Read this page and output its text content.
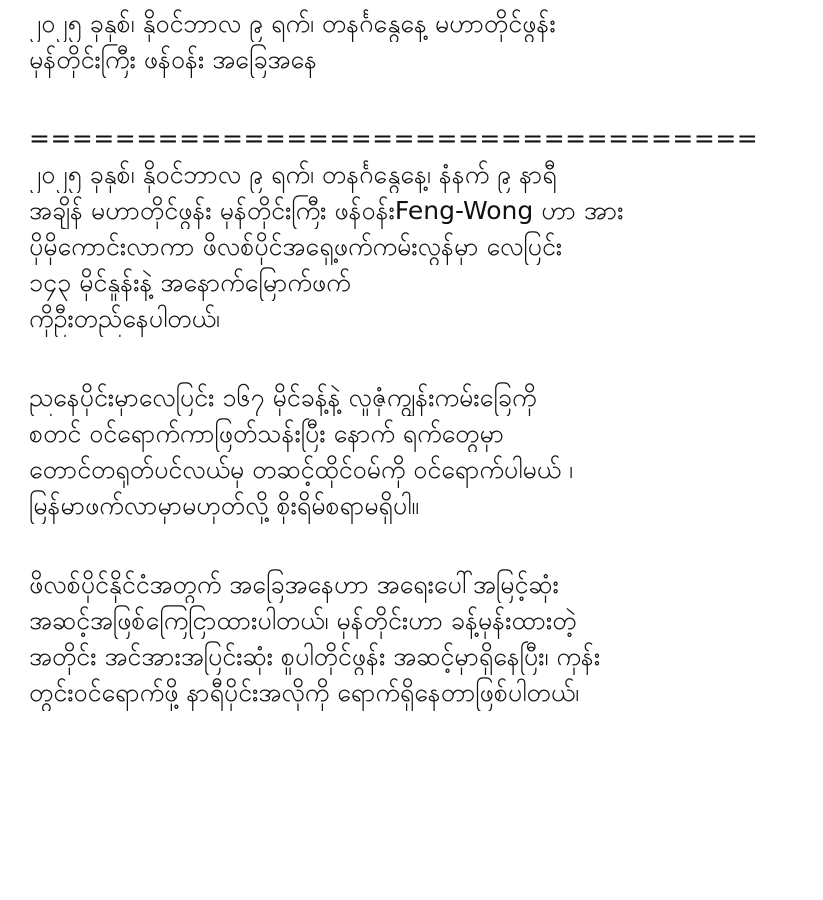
၂၀၂၅ ခုနှစ်၊ နိုဝင်ဘာလ ၉ ရက်၊ တနင်္ဂနွေနေ့ မဟာတိုင်ဖွန်း
မုန်တိုင်းကြီး ဖန်ဝန်း အခြေအနေ
==================================
၂၀၂၅ ခုနှစ်၊ နိုဝင်ဘာလ ၉ ရက်၊ တနင်္ဂနွေနေ့၊ နံနက် ၉ နာရီ
အချိန် မဟာတိုင်ဖွန်း မုန်တိုင်းကြီး ဖန်ဝန်းFeng-Wong ဟာ အား
ပိုမိုကောင်းလာကာ ဖိလစ်ပိုင်အရှေ့ဖက်ကမ်းလွန်မှာ လေပြင်း
၁၄၃ မိုင်နှုန်းနဲ့ အနောက်မြောက်ဖက်
ကိုဦးတည်နေပါတယ်၊
ညနေပိုင်းမှာလေပြင်း ၁၆၇ မိုင်ခန့်နဲ့ လူဇုံကျွန်းကမ်းခြေကို
စတင် ဝင်ရောက်ကာဖြတ်သန်းပြီး နောက် ရက်တွေမှာ
တောင်တရုတ်ပင်လယ်မှ တဆင့်ထိုင်ဝမ်ကို ဝင်ရောက်ပါမယ် ၊
မြန်မာဖက်လာမှာမဟုတ်လို့ စိုးရိမ်စရာမရှိပါ။
ဖိလစ်ပိုင်နိုင်ငံအတွက် အခြေအနေဟာ အရေးပေါ်အမြင့်ဆုံး
အဆင့်အဖြစ်ကြေငြာထားပါတယ်၊ မုန်တိုင်းဟာ ခန့်မှန်းထားတဲ့
အတိုင်း အင်အားအပြင်းဆုံး စူပါတိုင်ဖွန်း အဆင့်မှာရှိနေပြီး၊ ကုန်း
တွင်းဝင်ရောက်ဖို့ နာရီပိုင်းအလိုကို ရောက်ရှိနေတာဖြစ်ပါတယ်၊
